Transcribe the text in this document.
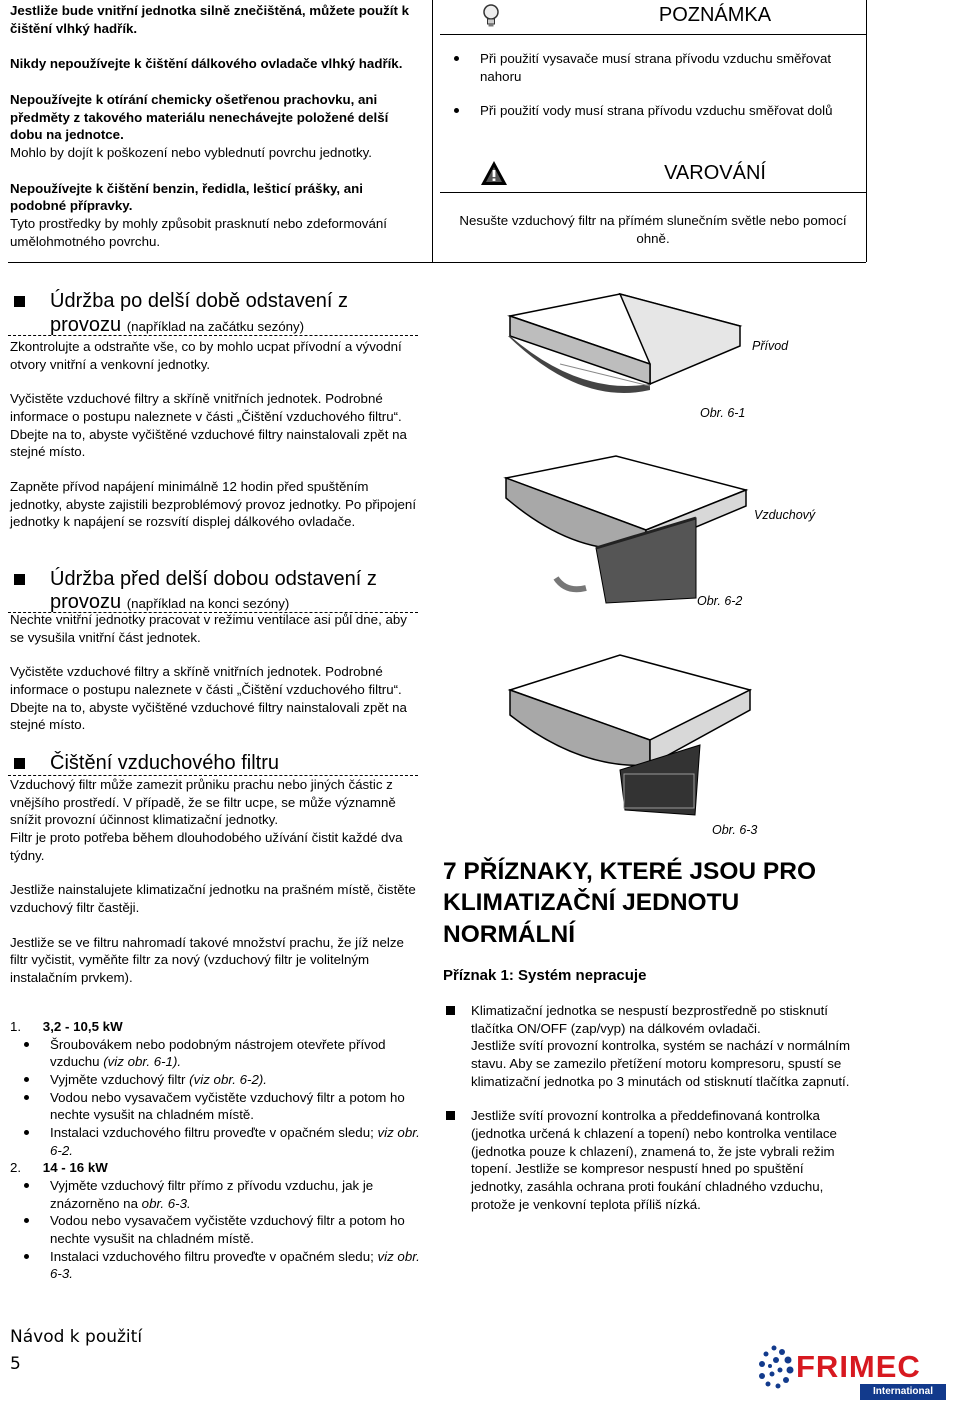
Jestliže bude vnitřní jednotka silně znečištěná, můžete použít k čištění vlhký hadřík.

Nikdy nepoužívejte k čištění dálkového ovladače vlhký hadřík.

Nepoužívejte k otírání chemicky ošetřenou prachovku, ani předměty z takového materiálu nenechávejte položené delší dobu na jednotce.

Mohlo by dojít k poškození nebo vyblednutí povrchu jednotky.

Nepoužívejte k čištění benzin, ředidla, lešticí prášky, ani podobné přípravky.

Tyto prostředky by mohly způsobit prasknutí nebo zdeformování umělohmotného povrchu.

POZNÁMKA
Při použití vysavače musí strana přívodu vzduchu směřovat nahoru
Při použití vody musí strana přívodu vzduchu směřovat dolů
VAROVÁNÍ
Nesušte vzduchový filtr na přímém slunečním světle nebo pomocí ohně.
Údržba po delší době odstavení z
provozu (například na začátku sezóny)

Zkontrolujte a odstraňte vše, co by mohlo ucpat přívodní a vývodní otvory vnitřní a venkovní jednotky.

Vyčistěte vzduchové filtry a skříně vnitřních jednotek. Podrobné informace o postupu naleznete v části „Čištění vzduchového filtru“. Dbejte na to, abyste vyčištěné vzduchové filtry nainstalovali zpět na stejné místo.

Zapněte přívod napájení minimálně 12 hodin před spuštěním jednotky, abyste zajistili bezproblémový provoz jednotky. Po připojení jednotky k napájení se rozsvítí displej dálkového ovladače.

Údržba před delší dobou odstavení z
provozu (například na konci sezóny)

Nechte vnitřní jednotky pracovat v režimu ventilace asi půl dne, aby se vysušila vnitřní část jednotek.

Vyčistěte vzduchové filtry a skříně vnitřních jednotek. Podrobné informace o postupu naleznete v části „Čištění vzduchového filtru“. Dbejte na to, abyste vyčištěné vzduchové filtry nainstalovali zpět na stejné místo.

Čištění vzduchového filtru

Vzduchový filtr může zamezit průniku prachu nebo jiných částic z vnějšího prostředí. V případě, že se filtr ucpe, se může významně snížit provozní účinnost klimatizační jednotky.

Filtr je proto potřeba během dlouhodobého užívání čistit každé dva týdny.

Jestliže nainstalujete klimatizační jednotku na prašném místě, čistěte vzduchový filtr častěji.

Jestliže se ve filtru nahromadí takové množství prachu, že jíž nelze filtr vyčistit, vyměňte filtr za nový (vzduchový filtr je volitelným instalačním prvkem).

1. 3,2 - 10,5 kW

Šroubovákem nebo podobným nástrojem otevřete přívod vzduchu (viz obr. 6-1).
Vyjměte vzduchový filtr (viz obr. 6-2).
Vodou nebo vysavačem vyčistěte vzduchový filtr a potom ho nechte vysušit na chladném místě.
Instalaci vzduchového filtru proveďte v opačném sledu; viz obr. 6-2.

2. 14 - 16 kW

Vyjměte vzduchový filtr přímo z přívodu vzduchu, jak je znázorněno na obr. 6-3.
Vodou nebo vysavačem vyčistěte vzduchový filtr a potom ho nechte vysušit na chladném místě.
Instalaci vzduchového filtru proveďte v opačném sledu; viz obr. 6-3.
Přívod
Obr. 6-1
Vzduchový
Obr. 6-2
Obr. 6-3
7 PŘÍZNAKY, KTERÉ JSOU PRO KLIMATIZAČNÍ JEDNOTU NORMÁLNÍ
Příznak 1: Systém nepracuje
Klimatizační jednotka se nespustí bezprostředně po stisknutí tlačítka ON/OFF (zap/vyp) na dálkovém ovladači.
Jestliže svítí provozní kontrolka, systém se nachází v normálním stavu. Aby se zamezilo přetížení motoru kompresoru, spustí se klimatizační jednotka po 3 minutách od stisknutí tlačítka zapnutí.
Jestliže svítí provozní kontrolka a předdefinovaná kontrolka (jednotka určená k chlazení a topení) nebo kontrolka ventilace (jednotka pouze k chlazení), znamená to, že jste vybrali režim topení. Jestliže se kompresor nespustí hned po spuštění jednotky, zasáhla ochrana proti foukání chladného vzduchu, protože je venkovní teplota příliš nízká.
Návod k použití
5	FRIMEC
International
